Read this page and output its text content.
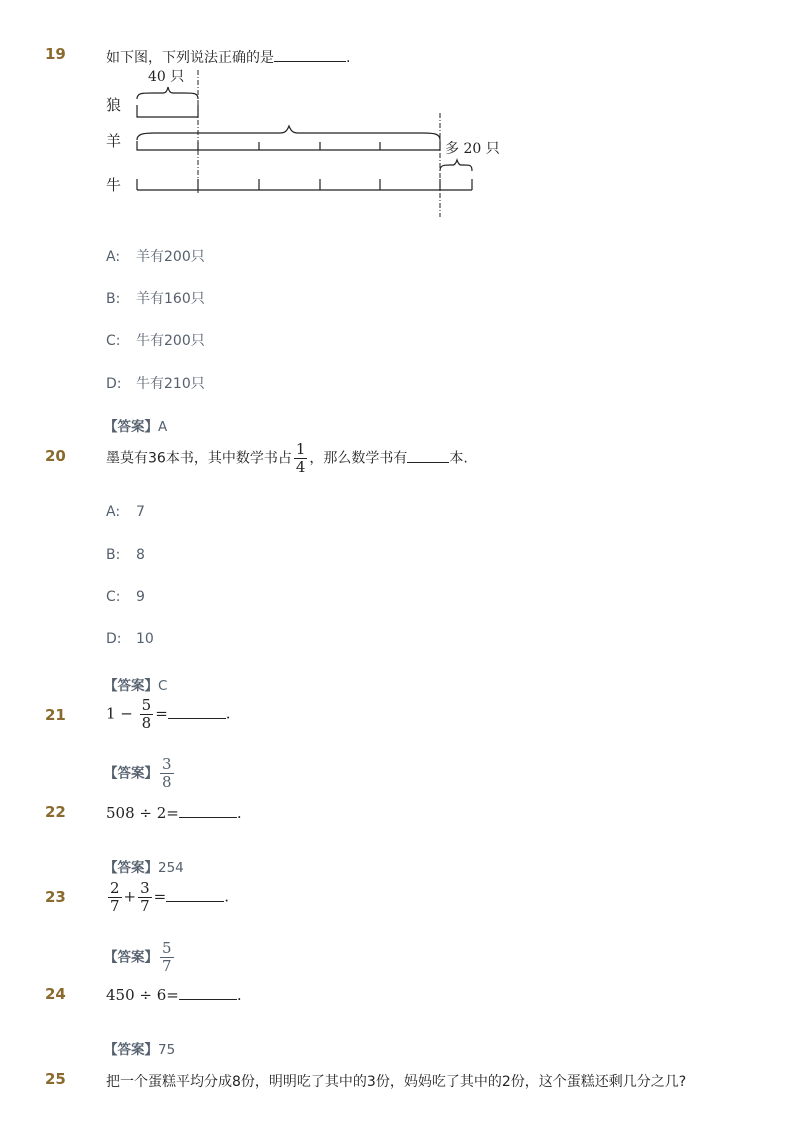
19	如下图，下列说法正确的是	.
狼
羊
牛
40 只
多 20 只
A: 羊有200只
B: 羊有160只
C: 牛有200只
D: 牛有210只
【答案】A
20	墨莫有36本书，其中数学书占 $\frac{1}{4}$ ，那么数学书有	本.
A: 7
B: 8
C: 9
D: 10
【答案】C
21	$1 - \frac{5}{8}$ =	.
【答案】 $\frac{3}{8}$
22	508 ÷ 2=	.
【答案】254
23	$\frac{2}{7} + \frac{3}{7}$ =	.
【答案】 $\frac{5}{7}$
24	450 ÷ 6=	.
【答案】75
25	把一个蛋糕平均分成8份，明明吃了其中的3份，妈妈吃了其中的2份，这个蛋糕还剩几分之几?
